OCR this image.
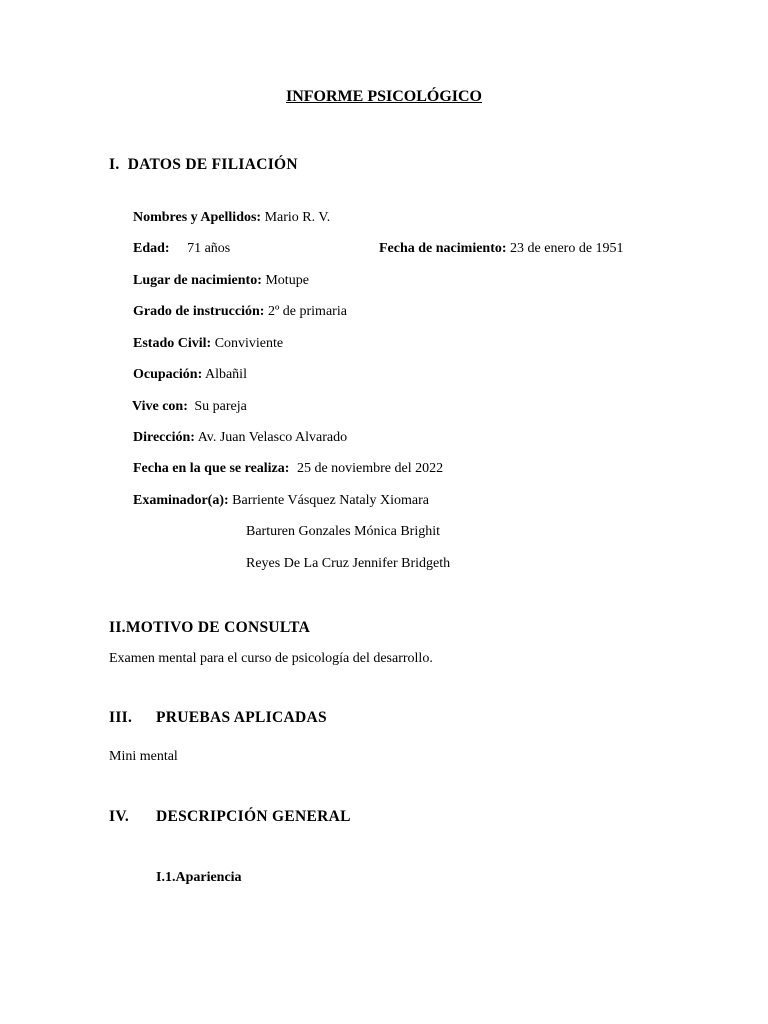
INFORME PSICOLÓGICO
I. DATOS DE FILIACIÓN
Nombres y Apellidos: Mario R. V.
Edad: 71 años	Fecha de nacimiento: 23 de enero de 1951
Lugar de nacimiento: Motupe
Grado de instrucción: 2º de primaria
Estado Civil: Conviviente
Ocupación: Albañil
Vive con: Su pareja
Dirección: Av. Juan Velasco Alvarado
Fecha en la que se realiza: 25 de noviembre del 2022
Examinador(a): Barriente Vásquez Nataly Xiomara
Barturen Gonzales Mónica Brighit
Reyes De La Cruz Jennifer Bridgeth
II.MOTIVO DE CONSULTA
Examen mental para el curso de psicología del desarrollo.
III. PRUEBAS APLICADAS
Mini mental
IV. DESCRIPCIÓN GENERAL
I.1.Apariencia
